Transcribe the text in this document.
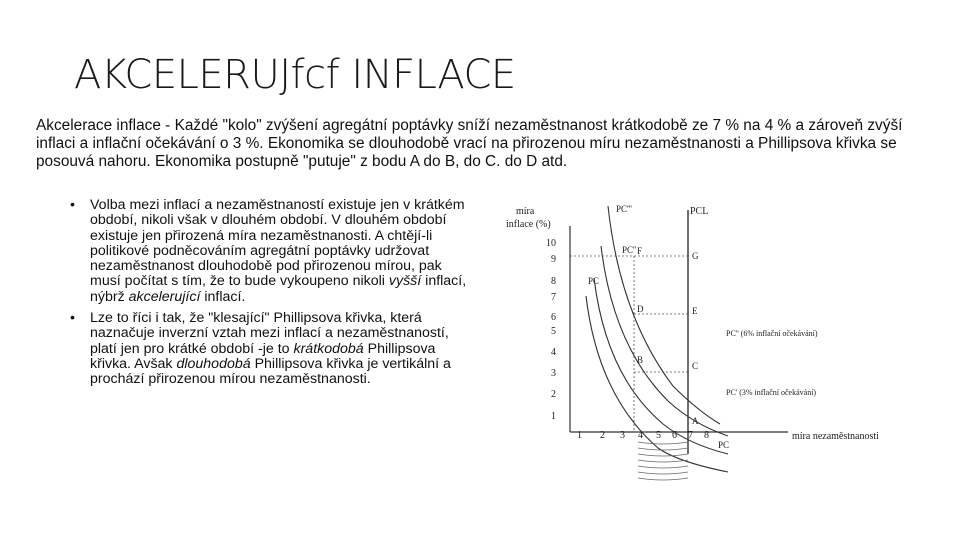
AKCELERUJfcf INFLACE
Akcelerace inflace - Každé "kolo" zvýšení agregátní poptávky sníží nezaměstnanost krátkodobě ze 7 % na 4 % a zároveň zvýší inflaci a inflační očekávání o 3 %. Ekonomika se dlouhodobě vrací na přirozenou míru nezaměstnanosti a Phillipsova křivka se posouvá nahoru. Ekonomika postupně "putuje" z bodu A do B, do C. do D atd.
• Volba mezi inflací a nezaměstnaností existuje jen v krátkém období, nikoli však v dlouhém období. V dlouhém období existuje jen přirozená míra nezaměstnanosti. A chtějí-li politikové podněcováním agregátní poptávky udržovat nezaměstnanost dlouhodobě pod přirozenou mírou, pak musí počítat s tím, že to bude vykoupeno nikoli vyšší inflací, nýbrž akcelerující inflací.
• Lze to říci i tak, že "klesající" Phillipsova křivka, která naznačuje inverzní vztah mezi inflací a nezaměstnaností, platí jen pro krátké období -je to krátkodobá Phillipsova křivka. Avšak dlouhodobá Phillipsova křivka je vertikální a prochází přirozenou mírou nezaměstnanosti.
míra
inflace (%)
1
2
3
4
5
6
7
8
9
10
1 2 3 4 5 6 7 8	míra nezaměstnanosti
PCL
PC'''
PC''
PC
PC
F	G
D	E
B
C
A
PC'' (6% inflační očekávání)
PC' (3% inflační očekávání)
